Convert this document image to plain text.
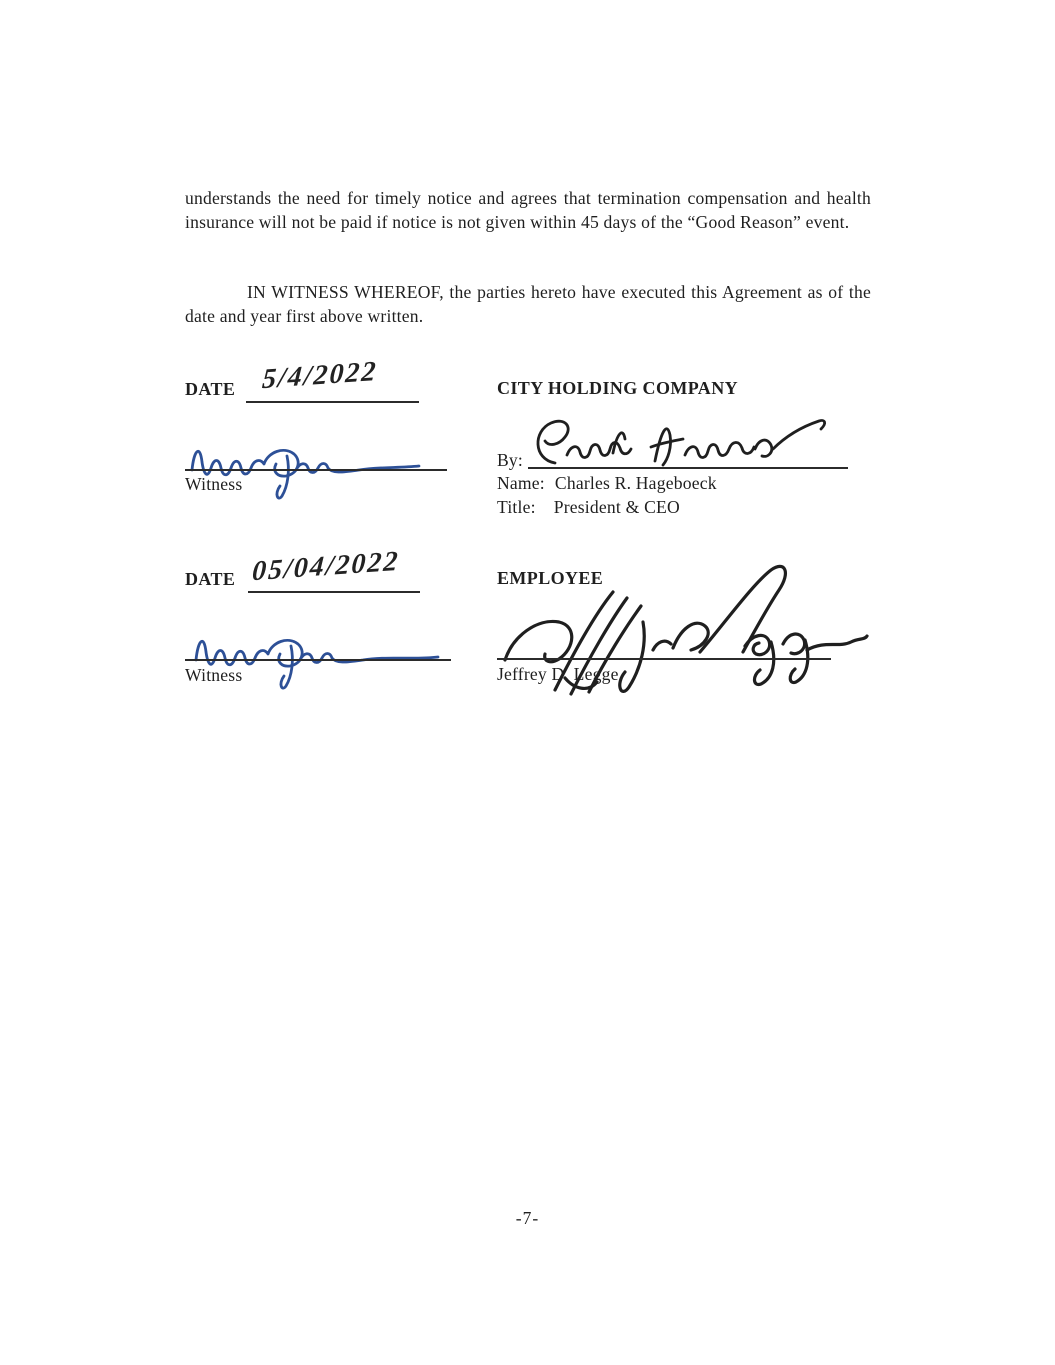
understands the need for timely notice and agrees that termination compensation and health insurance will not be paid if notice is not given within 45 days of the “Good Reason” event.

IN WITNESS WHEREOF, the parties hereto have executed this Agreement as of the date and year first above written.

DATE 5/4/2022	CITY HOLDING COMPANY
Witness
By:
Name: Charles R. Hageboeck
Title: President & CEO
DATE 05/04/2022	EMPLOYEE
Witness	Jeffrey D. Legge
-7-
